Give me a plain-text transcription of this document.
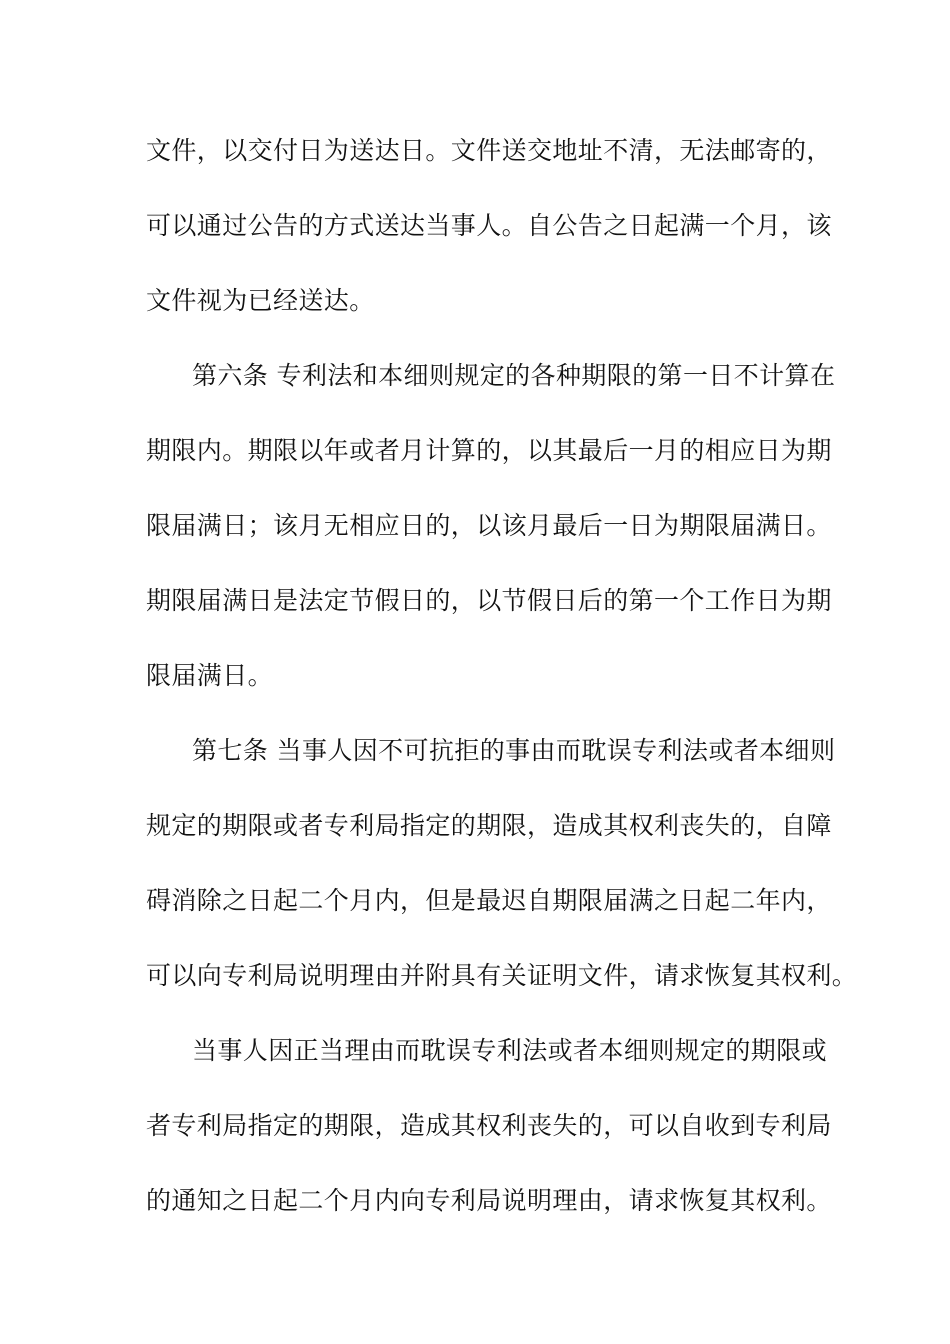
文件，以交付日为送达日。文件送交地址不清，无法邮寄的，
可以通过公告的方式送达当事人。自公告之日起满一个月，该
文件视为已经送达。
第六条 专利法和本细则规定的各种期限的第一日不计算在
期限内。期限以年或者月计算的，以其最后一月的相应日为期
限届满日；该月无相应日的，以该月最后一日为期限届满日。
期限届满日是法定节假日的，以节假日后的第一个工作日为期
限届满日。
第七条 当事人因不可抗拒的事由而耽误专利法或者本细则
规定的期限或者专利局指定的期限，造成其权利丧失的，自障
碍消除之日起二个月内，但是最迟自期限届满之日起二年内，
可以向专利局说明理由并附具有关证明文件，请求恢复其权利。
当事人因正当理由而耽误专利法或者本细则规定的期限或
者专利局指定的期限，造成其权利丧失的，可以自收到专利局
的通知之日起二个月内向专利局说明理由，请求恢复其权利。
